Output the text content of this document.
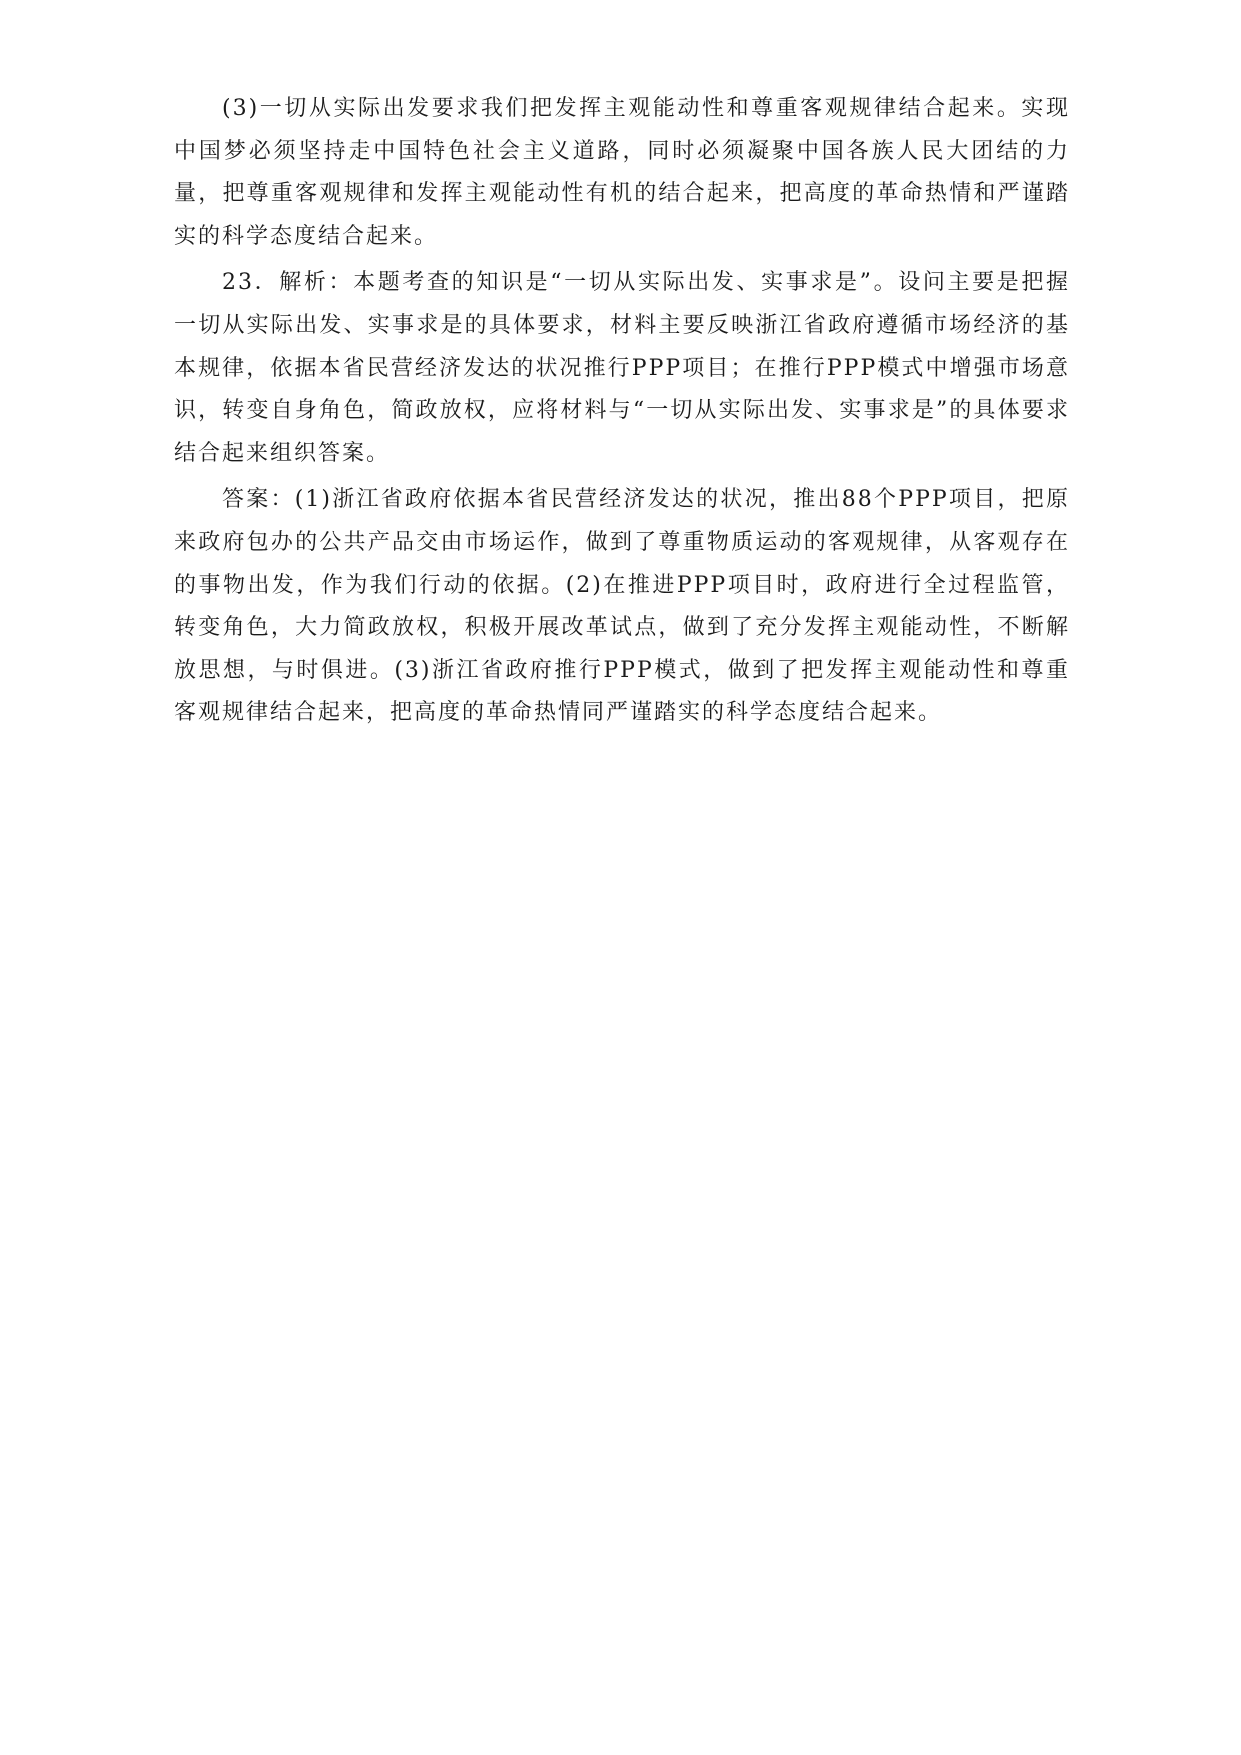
(3)一切从实际出发要求我们把发挥主观能动性和尊重客观规律结合起来。实现中国梦必须坚持走中国特色社会主义道路，同时必须凝聚中国各族人民大团结的力量，把尊重客观规律和发挥主观能动性有机的结合起来，把高度的革命热情和严谨踏实的科学态度结合起来。

23．解析：本题考查的知识是“一切从实际出发、实事求是”。设问主要是把握一切从实际出发、实事求是的具体要求，材料主要反映浙江省政府遵循市场经济的基本规律，依据本省民营经济发达的状况推行PPP项目；在推行PPP模式中增强市场意识，转变自身角色，简政放权，应将材料与“一切从实际出发、实事求是”的具体要求结合起来组织答案。

答案：(1)浙江省政府依据本省民营经济发达的状况，推出88个PPP项目，把原来政府包办的公共产品交由市场运作，做到了尊重物质运动的客观规律，从客观存在的事物出发，作为我们行动的依据。(2)在推进PPP项目时，政府进行全过程监管，转变角色，大力简政放权，积极开展改革试点，做到了充分发挥主观能动性，不断解放思想，与时俱进。(3)浙江省政府推行PPP模式，做到了把发挥主观能动性和尊重客观规律结合起来，把高度的革命热情同严谨踏实的科学态度结合起来。
